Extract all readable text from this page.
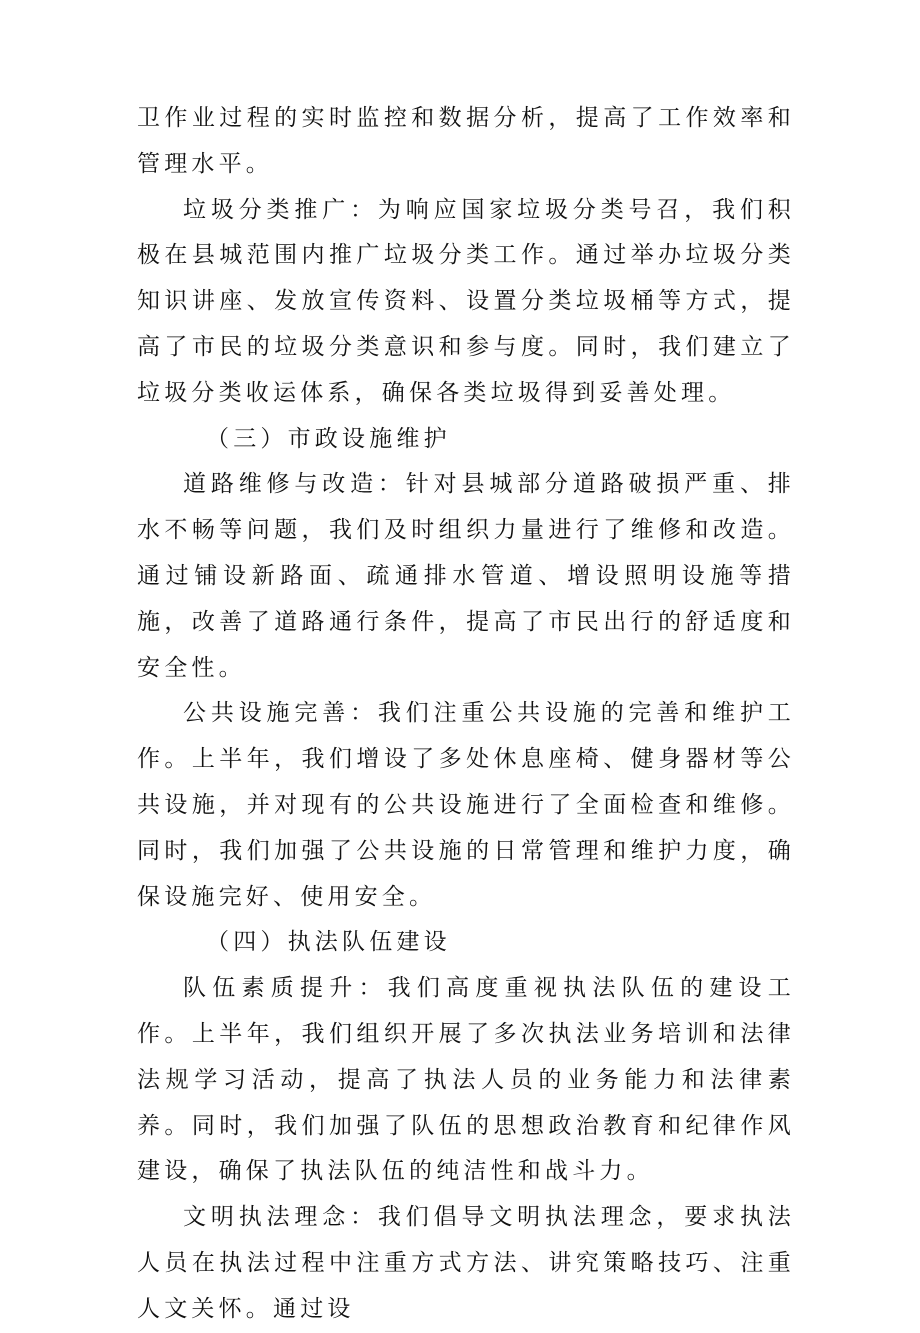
卫作业过程的实时监控和数据分析，提高了工作效率和管理水平。

垃圾分类推广：为响应国家垃圾分类号召，我们积极在县城范围内推广垃圾分类工作。通过举办垃圾分类知识讲座、发放宣传资料、设置分类垃圾桶等方式，提高了市民的垃圾分类意识和参与度。同时，我们建立了垃圾分类收运体系，确保各类垃圾得到妥善处理。

（三）市政设施维护

道路维修与改造：针对县城部分道路破损严重、排水不畅等问题，我们及时组织力量进行了维修和改造。通过铺设新路面、疏通排水管道、增设照明设施等措施，改善了道路通行条件，提高了市民出行的舒适度和安全性。

公共设施完善：我们注重公共设施的完善和维护工作。上半年，我们增设了多处休息座椅、健身器材等公共设施，并对现有的公共设施进行了全面检查和维修。同时，我们加强了公共设施的日常管理和维护力度，确保设施完好、使用安全。

（四）执法队伍建设

队伍素质提升：我们高度重视执法队伍的建设工作。上半年，我们组织开展了多次执法业务培训和法律法规学习活动，提高了执法人员的业务能力和法律素养。同时，我们加强了队伍的思想政治教育和纪律作风建设，确保了执法队伍的纯洁性和战斗力。

文明执法理念：我们倡导文明执法理念，要求执法人员在执法过程中注重方式方法、讲究策略技巧、注重人文关怀。通过设
